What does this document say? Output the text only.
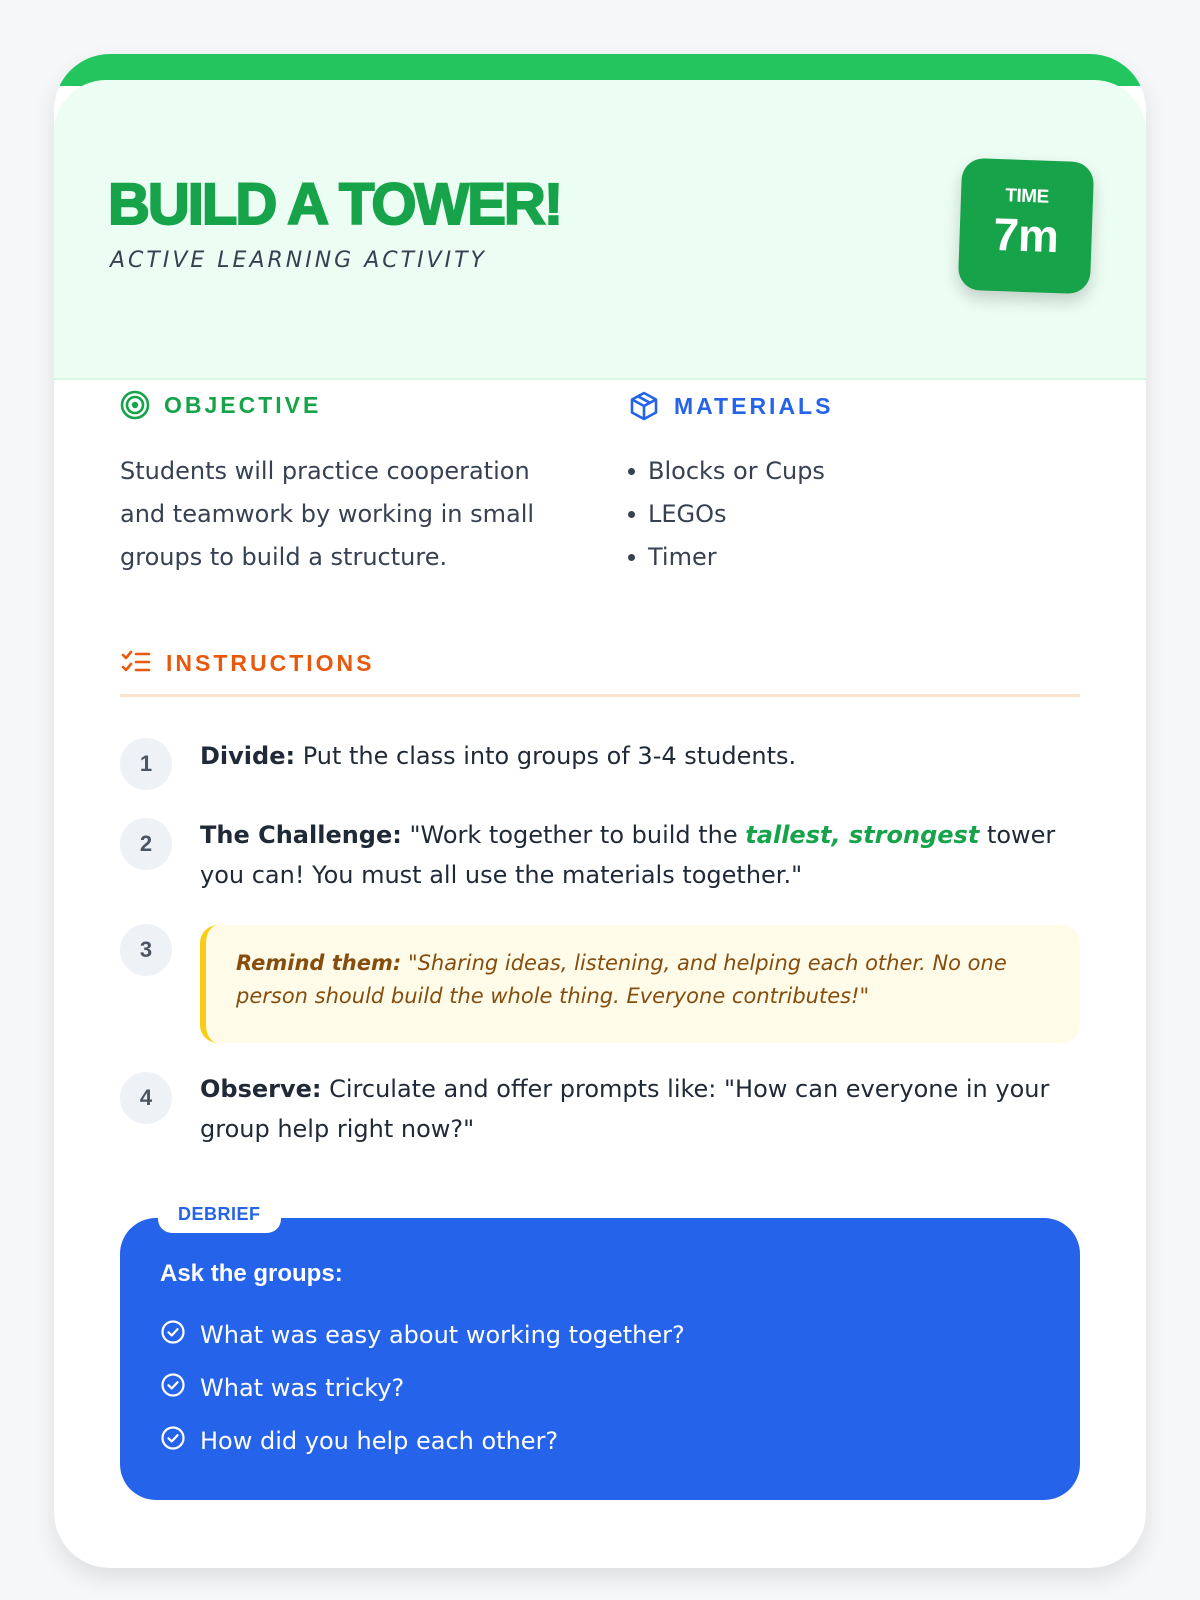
BUILD A TOWER!
ACTIVE LEARNING ACTIVITY
TIME
7m
OBJECTIVE

Students will practice cooperation and teamwork by working in small groups to build a structure.

MATERIALS
Blocks or Cups
LEGOs
Timer
INSTRUCTIONS
1	Divide: Put the class into groups of 3-4 students.

2	The Challenge: "Work together to build the tallest, strongest tower you can! You must all use the materials together."

3

Remind them: "Sharing ideas, listening, and helping each other. No one person should build the whole thing. Everyone contributes!"

4	Observe: Circulate and offer prompts like: "How can everyone in your group help right now?"

DEBRIEF
Ask the groups:
What was easy about working together?
What was tricky?
How did you help each other?
